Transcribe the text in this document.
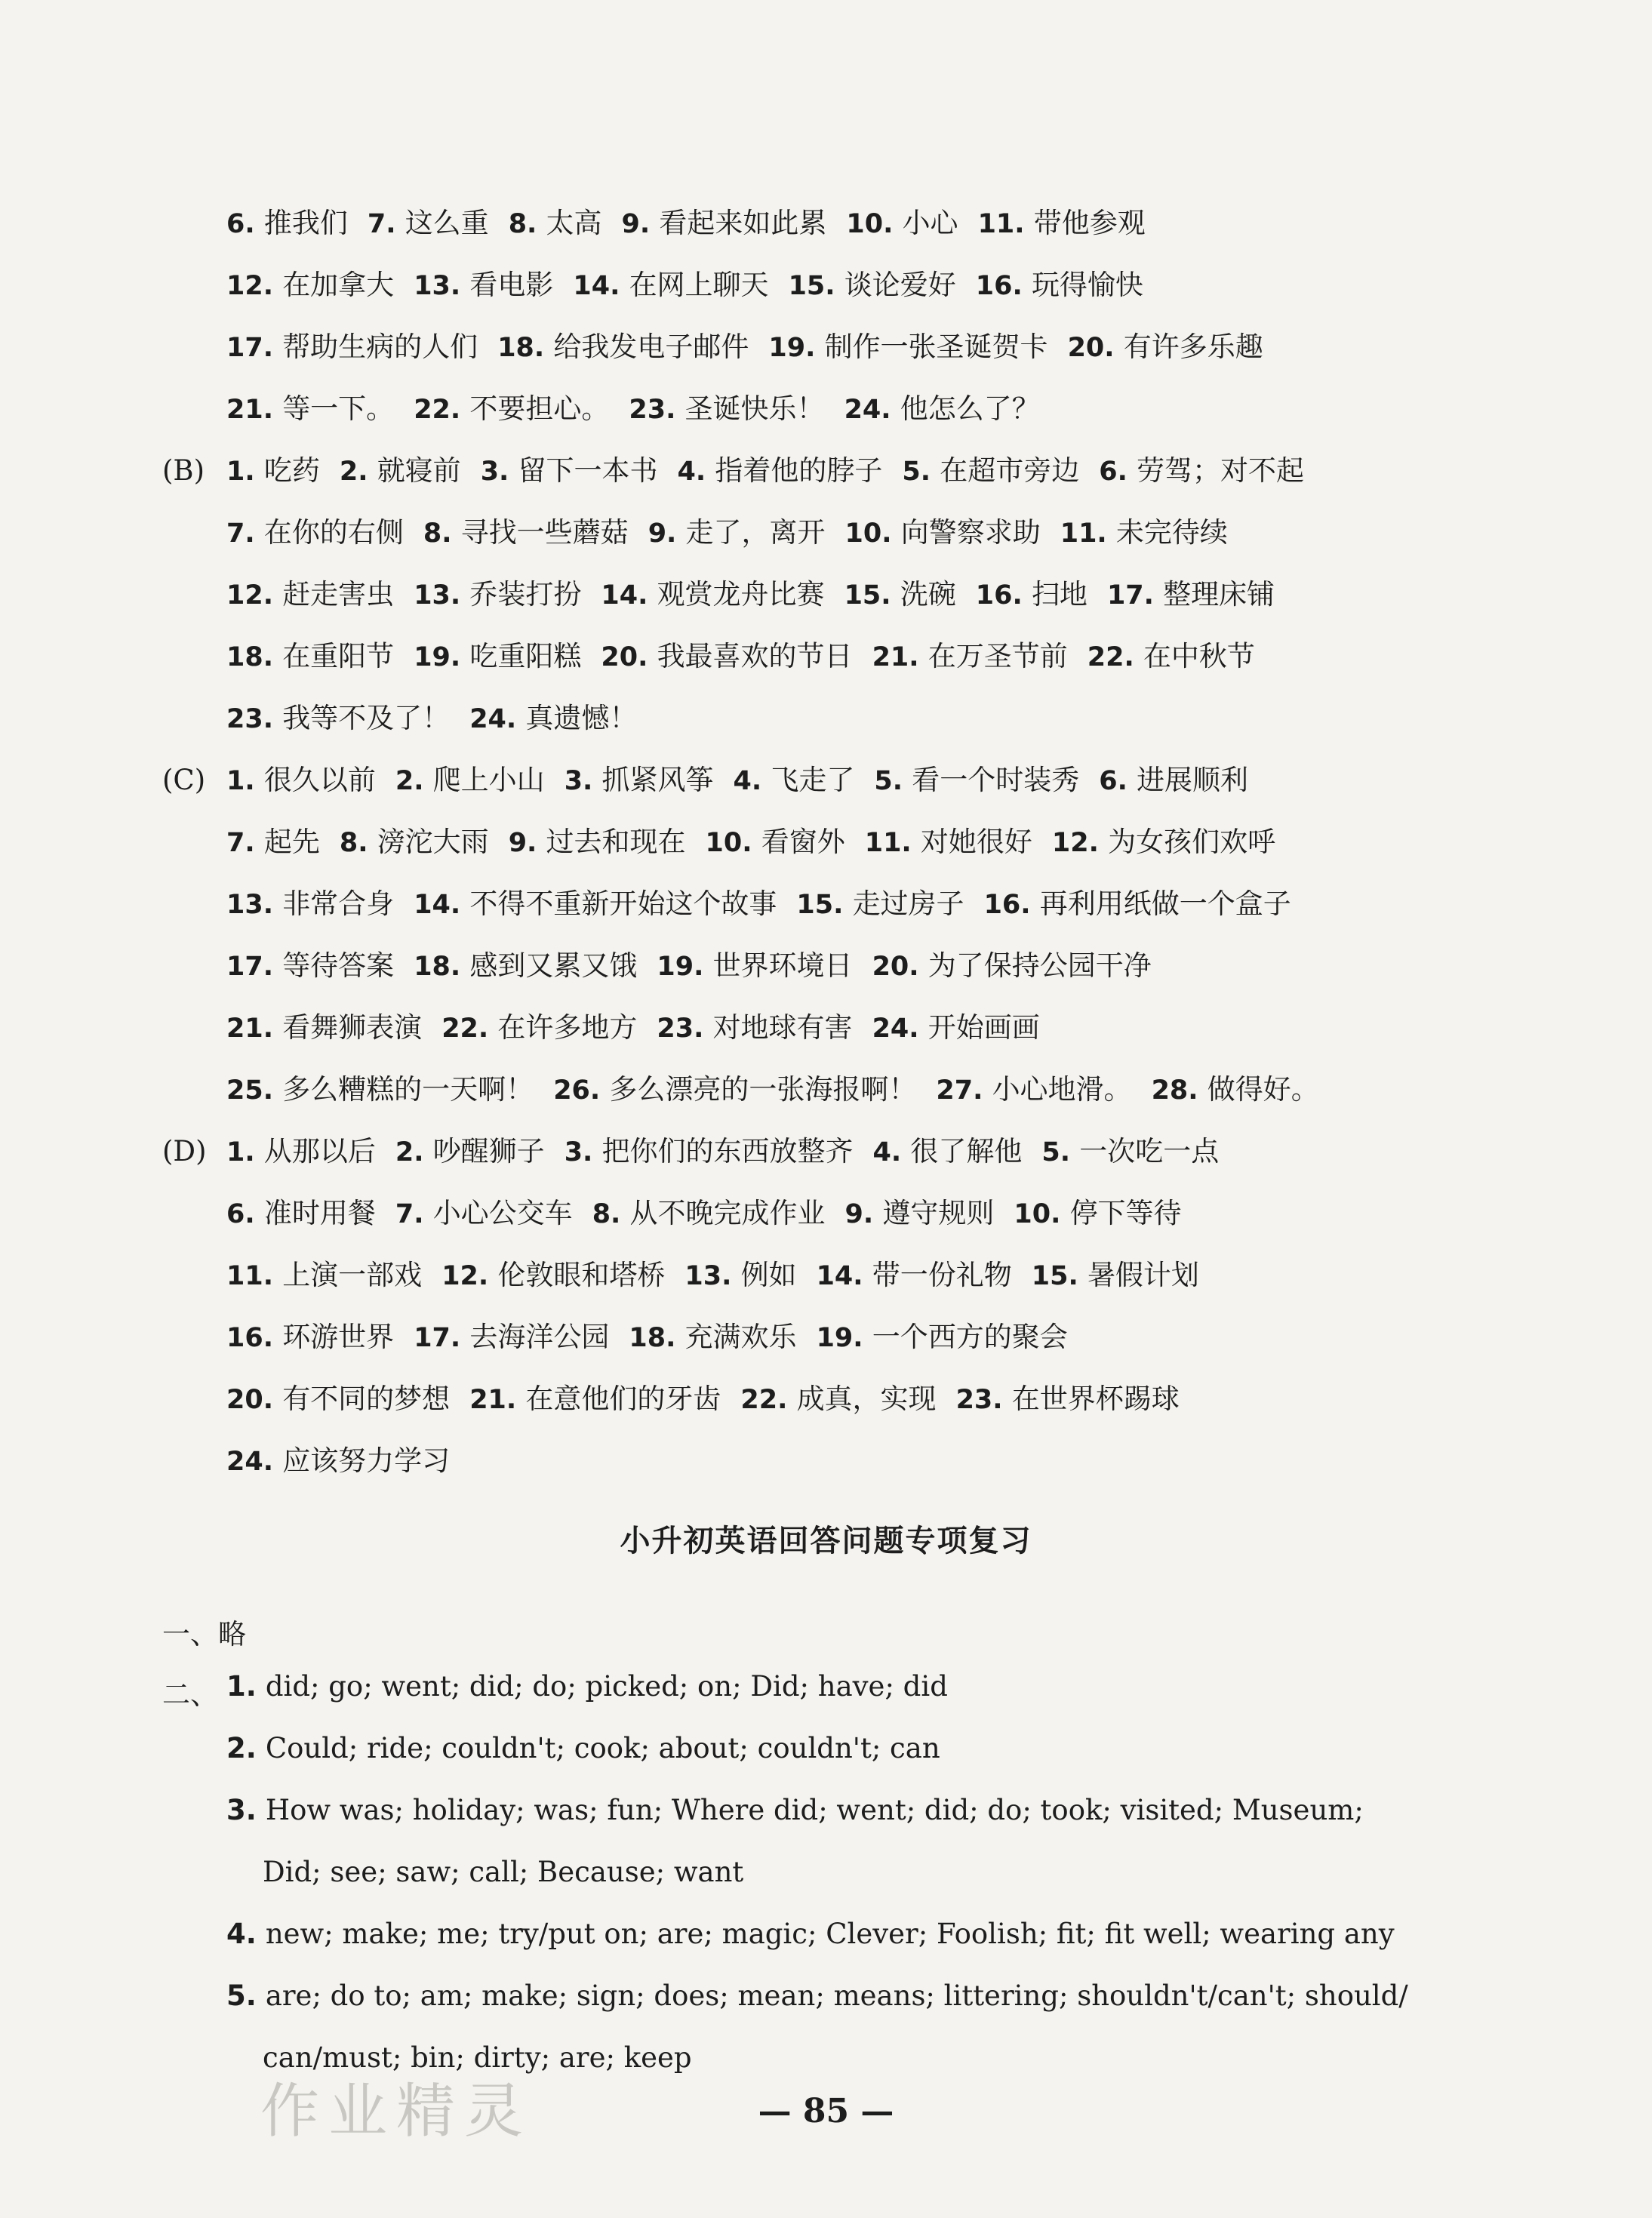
6. 推我们 7. 这么重 8. 太高 9. 看起来如此累 10. 小心 11. 带他参观
12. 在加拿大 13. 看电影 14. 在网上聊天 15. 谈论爱好 16. 玩得愉快
17. 帮助生病的人们 18. 给我发电子邮件 19. 制作一张圣诞贺卡 20. 有许多乐趣
21. 等一下。 22. 不要担心。 23. 圣诞快乐！ 24. 他怎么了？
(B) 1. 吃药 2. 就寝前 3. 留下一本书 4. 指着他的脖子 5. 在超市旁边 6. 劳驾；对不起
7. 在你的右侧 8. 寻找一些蘑菇 9. 走了，离开 10. 向警察求助 11. 未完待续
12. 赶走害虫 13. 乔装打扮 14. 观赏龙舟比赛 15. 洗碗 16. 扫地 17. 整理床铺
18. 在重阳节 19. 吃重阳糕 20. 我最喜欢的节日 21. 在万圣节前 22. 在中秋节
23. 我等不及了！ 24. 真遗憾！
(C) 1. 很久以前 2. 爬上小山 3. 抓紧风筝 4. 飞走了 5. 看一个时装秀 6. 进展顺利
7. 起先 8. 滂沱大雨 9. 过去和现在 10. 看窗外 11. 对她很好 12. 为女孩们欢呼
13. 非常合身 14. 不得不重新开始这个故事 15. 走过房子 16. 再利用纸做一个盒子
17. 等待答案 18. 感到又累又饿 19. 世界环境日 20. 为了保持公园干净
21. 看舞狮表演 22. 在许多地方 23. 对地球有害 24. 开始画画
25. 多么糟糕的一天啊！ 26. 多么漂亮的一张海报啊！ 27. 小心地滑。 28. 做得好。
(D) 1. 从那以后 2. 吵醒狮子 3. 把你们的东西放整齐 4. 很了解他 5. 一次吃一点
6. 准时用餐 7. 小心公交车 8. 从不晚完成作业 9. 遵守规则 10. 停下等待
11. 上演一部戏 12. 伦敦眼和塔桥 13. 例如 14. 带一份礼物 15. 暑假计划
16. 环游世界 17. 去海洋公园 18. 充满欢乐 19. 一个西方的聚会
20. 有不同的梦想 21. 在意他们的牙齿 22. 成真，实现 23. 在世界杯踢球
24. 应该努力学习
小升初英语回答问题专项复习
一、略
二、 1. did; go; went; did; do; picked; on; Did; have; did
2. Could; ride; couldn't; cook; about; couldn't; can
3. How was; holiday; was; fun; Where did; went; did; do; took; visited; Museum;
Did; see; saw; call; Because; want
4. new; make; me; try/put on; are; magic; Clever; Foolish; fit; fit well; wearing any
5. are; do to; am; make; sign; does; mean; means; littering; shouldn't/can't; should/
can/must; bin; dirty; are; keep
作业精灵	— 85 —
